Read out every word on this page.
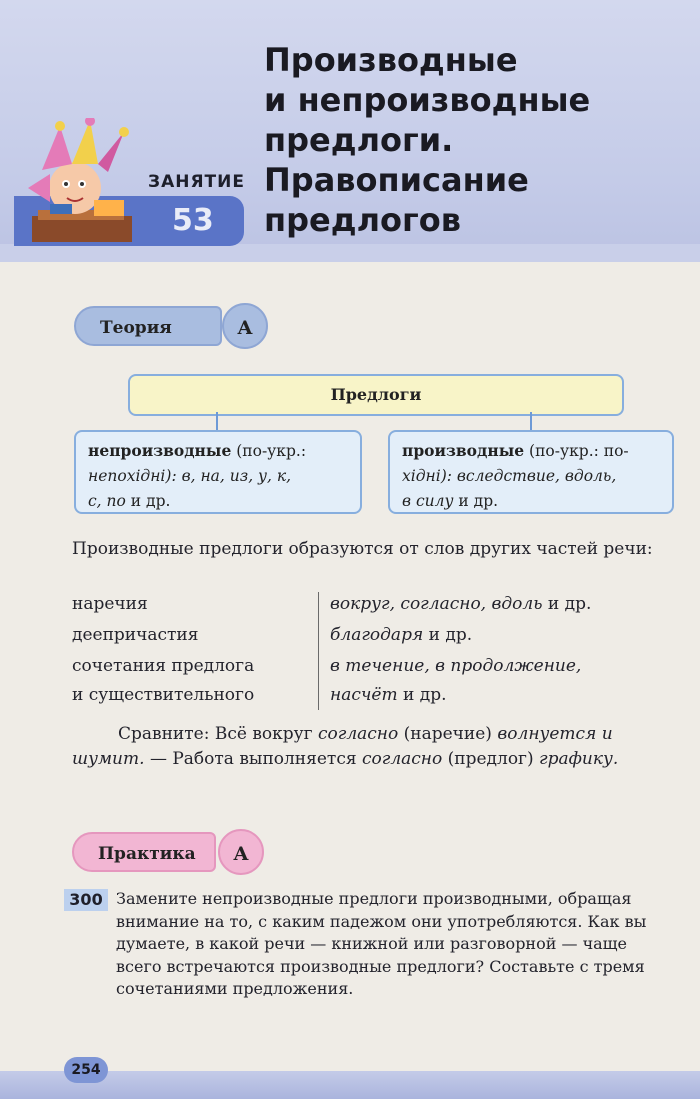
ЗАНЯТИЕ
53
Производные
и непроизводные
предлоги.
Правописание
предлогов
Теория	А
Предлоги
непроизводные (по-укр.:
непохідні): в, на, из, у, к,
с, по и др.
производные (по-укр.: по-
хідні): вследствие, вдоль,
в силу и др.
Производные предлоги образуются от слов других частей речи:
наречия	вокруг, согласно, вдоль и др.
деепричастия	благодаря и др.
сочетания предлога	в течение, в продолжение,
и существительного	насчёт и др.
Сравните: Всё вокруг согласно (наречие) волнуется и шумит. — Работа выполняется согласно (предлог) графику.
Практика	А
300 Замените непроизводные предлоги производными, обращая внимание на то, с каким падежом они употребляются. Как вы думаете, в какой речи — книжной или разговорной — чаще всего встречаются производные предлоги? Составьте с тремя сочетаниями предложения.
254
